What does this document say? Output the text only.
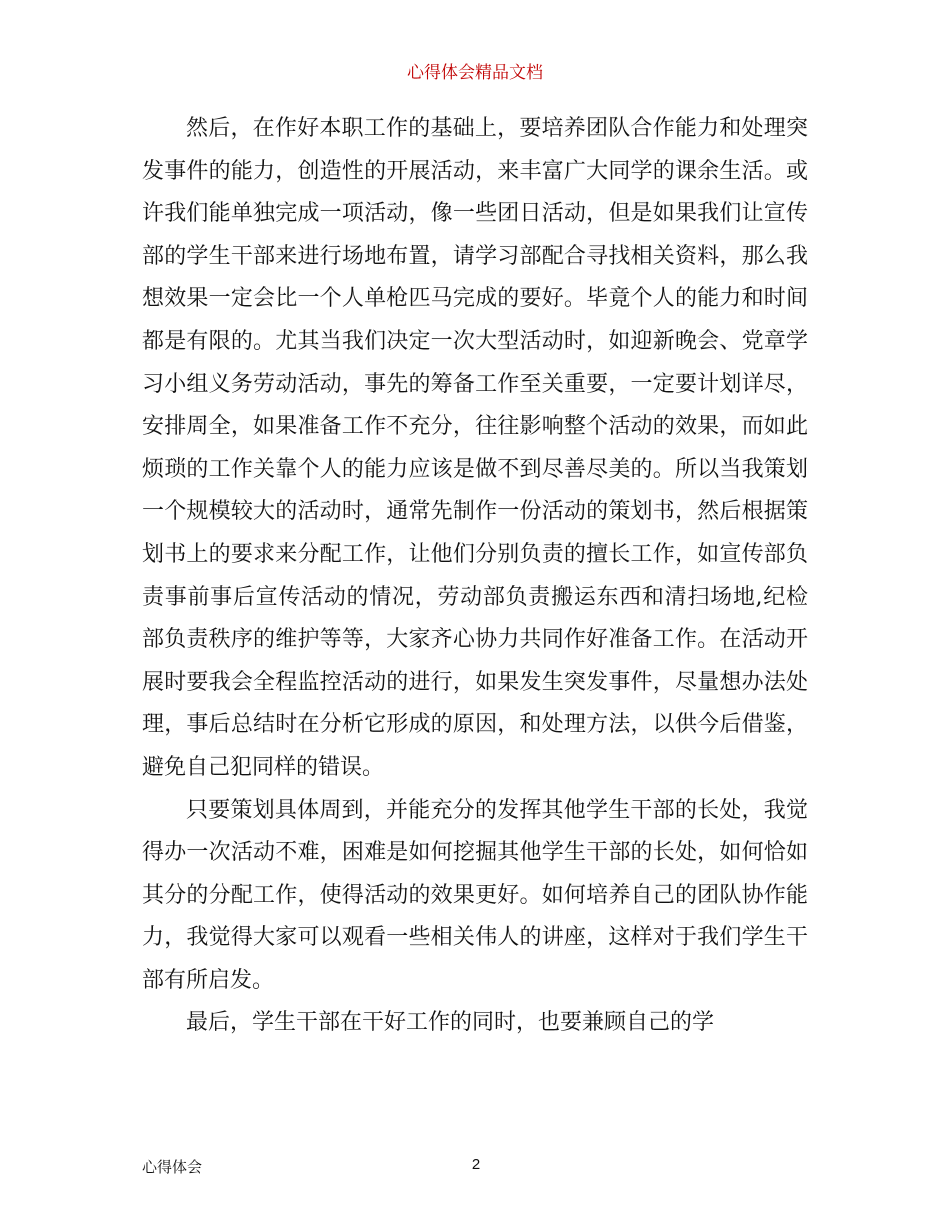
心得体会精品文档

然后，在作好本职工作的基础上，要培养团队合作能力和处理突发事件的能力，创造性的开展活动，来丰富广大同学的课余生活。或许我们能单独完成一项活动，像一些团日活动，但是如果我们让宣传部的学生干部来进行场地布置，请学习部配合寻找相关资料，那么我想效果一定会比一个人单枪匹马完成的要好。毕竟个人的能力和时间都是有限的。尤其当我们决定一次大型活动时，如迎新晚会、党章学习小组义务劳动活动，事先的筹备工作至关重要，一定要计划详尽，安排周全，如果准备工作不充分，往往影响整个活动的效果，而如此烦琐的工作关靠个人的能力应该是做不到尽善尽美的。所以当我策划一个规模较大的活动时，通常先制作一份活动的策划书，然后根据策划书上的要求来分配工作，让他们分别负责的擅长工作，如宣传部负责事前事后宣传活动的情况，劳动部负责搬运东西和清扫场地,纪检部负责秩序的维护等等，大家齐心协力共同作好准备工作。在活动开展时要我会全程监控活动的进行，如果发生突发事件，尽量想办法处理，事后总结时在分析它形成的原因，和处理方法，以供今后借鉴，避免自己犯同样的错误。

只要策划具体周到，并能充分的发挥其他学生干部的长处，我觉得办一次活动不难，困难是如何挖掘其他学生干部的长处，如何恰如其分的分配工作，使得活动的效果更好。如何培养自己的团队协作能力，我觉得大家可以观看一些相关伟人的讲座，这样对于我们学生干部有所启发。

最后，学生干部在干好工作的同时，也要兼顾自己的学

心得体会	2
